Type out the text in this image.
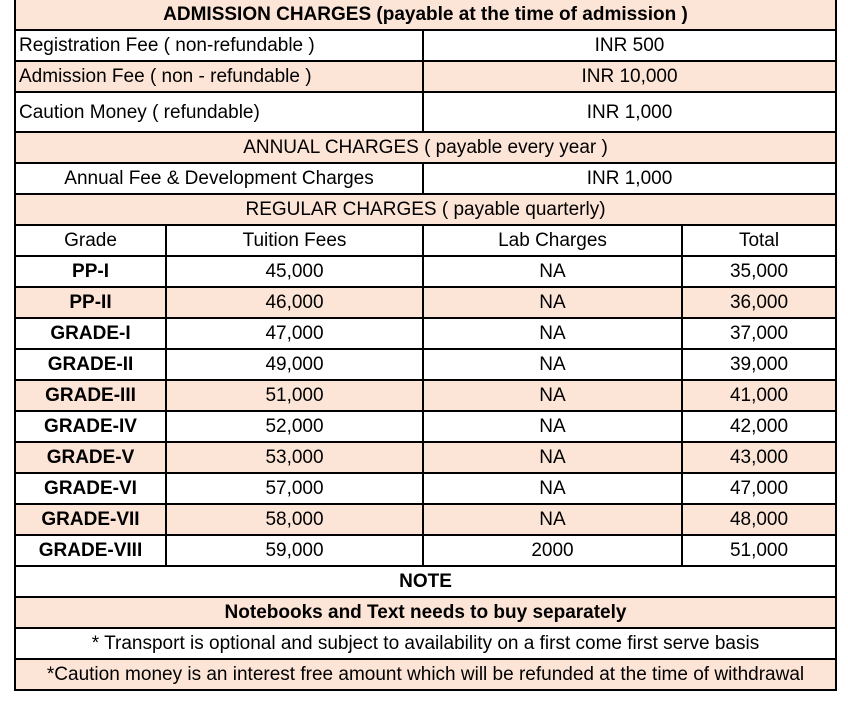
ADMISSION CHARGES (payable at the time of admission )			
Registration Fee ( non-refundable )		INR 500	
Admission Fee ( non - refundable )		INR 10,000	
Caution Money ( refundable)		INR 1,000	
ANNUAL CHARGES ( payable every year )			
Annual Fee & Development Charges		INR 1,000	
REGULAR CHARGES ( payable quarterly)			
Grade	Tuition Fees	Lab Charges	Total
PP-I	45,000	NA	35,000
PP-II	46,000	NA	36,000
GRADE-I	47,000	NA	37,000
GRADE-II	49,000	NA	39,000
GRADE-III	51,000	NA	41,000
GRADE-IV	52,000	NA	42,000
GRADE-V	53,000	NA	43,000
GRADE-VI	57,000	NA	47,000
GRADE-VII	58,000	NA	48,000
GRADE-VIII	59,000	2000	51,000
NOTE			
Notebooks and Text needs to buy separately			
* Transport is optional and subject to availability on a first come first serve basis			
*Caution money is an interest free amount which will be refunded at the time of withdrawal			
